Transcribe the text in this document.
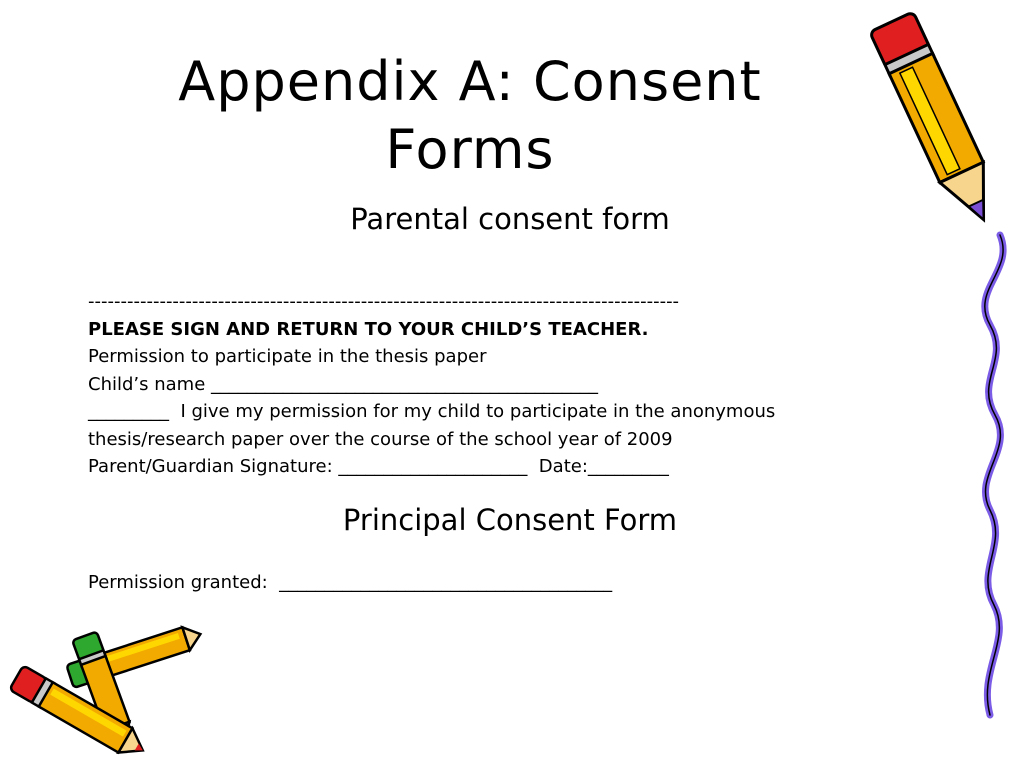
Appendix A: Consent
Forms
Parental consent form
-------------------------------------------------------------------------------------------
PLEASE SIGN AND RETURN TO YOUR CHILD’S TEACHER.
Permission to participate in the thesis paper
Child’s name ___________________________________________
_________  I give my permission for my child to participate in the anonymous
thesis/research paper over the course of the school year of 2009
Parent/Guardian Signature: _____________________  Date:_________
Principal Consent Form
Permission granted:  _____________________________________
